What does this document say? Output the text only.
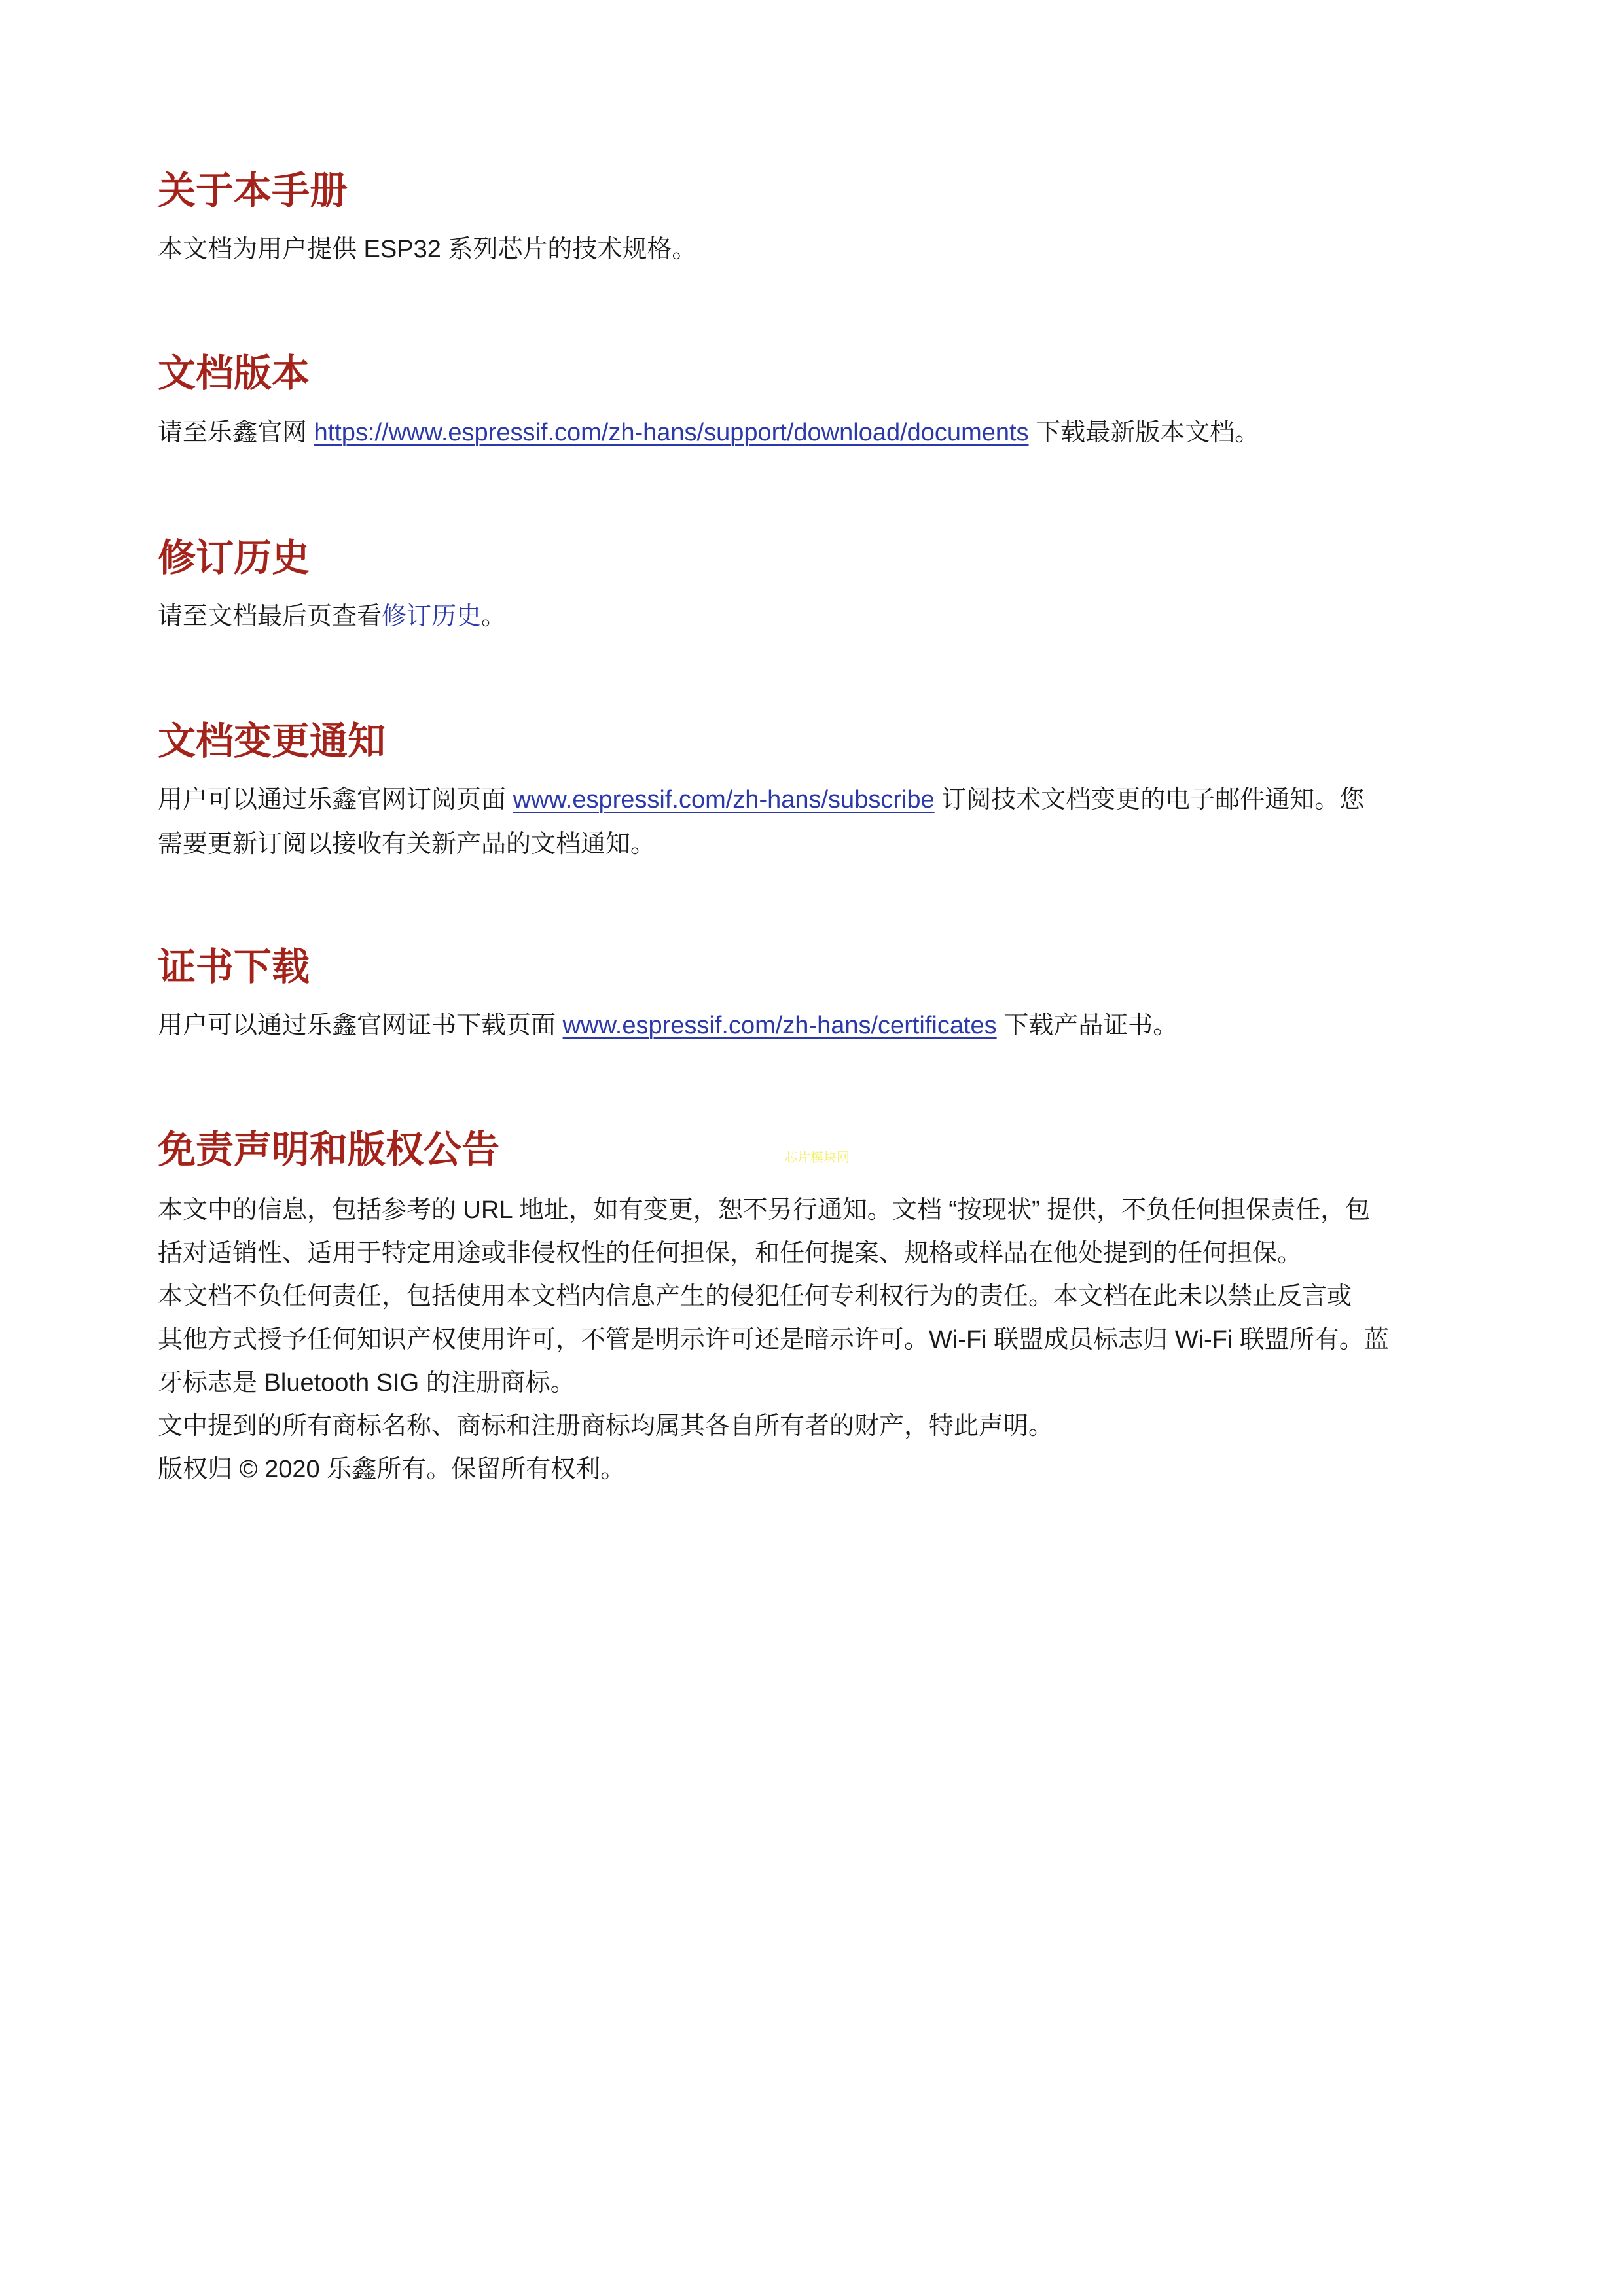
关于本手册
本文档为用户提供 ESP32 系列芯片的技术规格。
文档版本
请至乐鑫官网 https://www.espressif.com/zh-hans/support/download/documents 下载最新版本文档。
修订历史
请至文档最后页查看修订历史。
文档变更通知
用户可以通过乐鑫官网订阅页面 www.espressif.com/zh-hans/subscribe 订阅技术文档变更的电子邮件通知。您
需要更新订阅以接收有关新产品的文档通知。
证书下载
用户可以通过乐鑫官网证书下载页面 www.espressif.com/zh-hans/certificates 下载产品证书。
免责声明和版权公告	芯片模块网
本文中的信息，包括参考的 URL 地址，如有变更，恕不另行通知。文档 “按现状” 提供，不负任何担保责任，包
括对适销性、适用于特定用途或非侵权性的任何担保，和任何提案、规格或样品在他处提到的任何担保。
本文档不负任何责任，包括使用本文档内信息产生的侵犯任何专利权行为的责任。本文档在此未以禁止反言或
其他方式授予任何知识产权使用许可，不管是明示许可还是暗示许可。Wi-Fi 联盟成员标志归 Wi-Fi 联盟所有。蓝
牙标志是 Bluetooth SIG 的注册商标。
文中提到的所有商标名称、商标和注册商标均属其各自所有者的财产，特此声明。
版权归 © 2020 乐鑫所有。保留所有权利。
